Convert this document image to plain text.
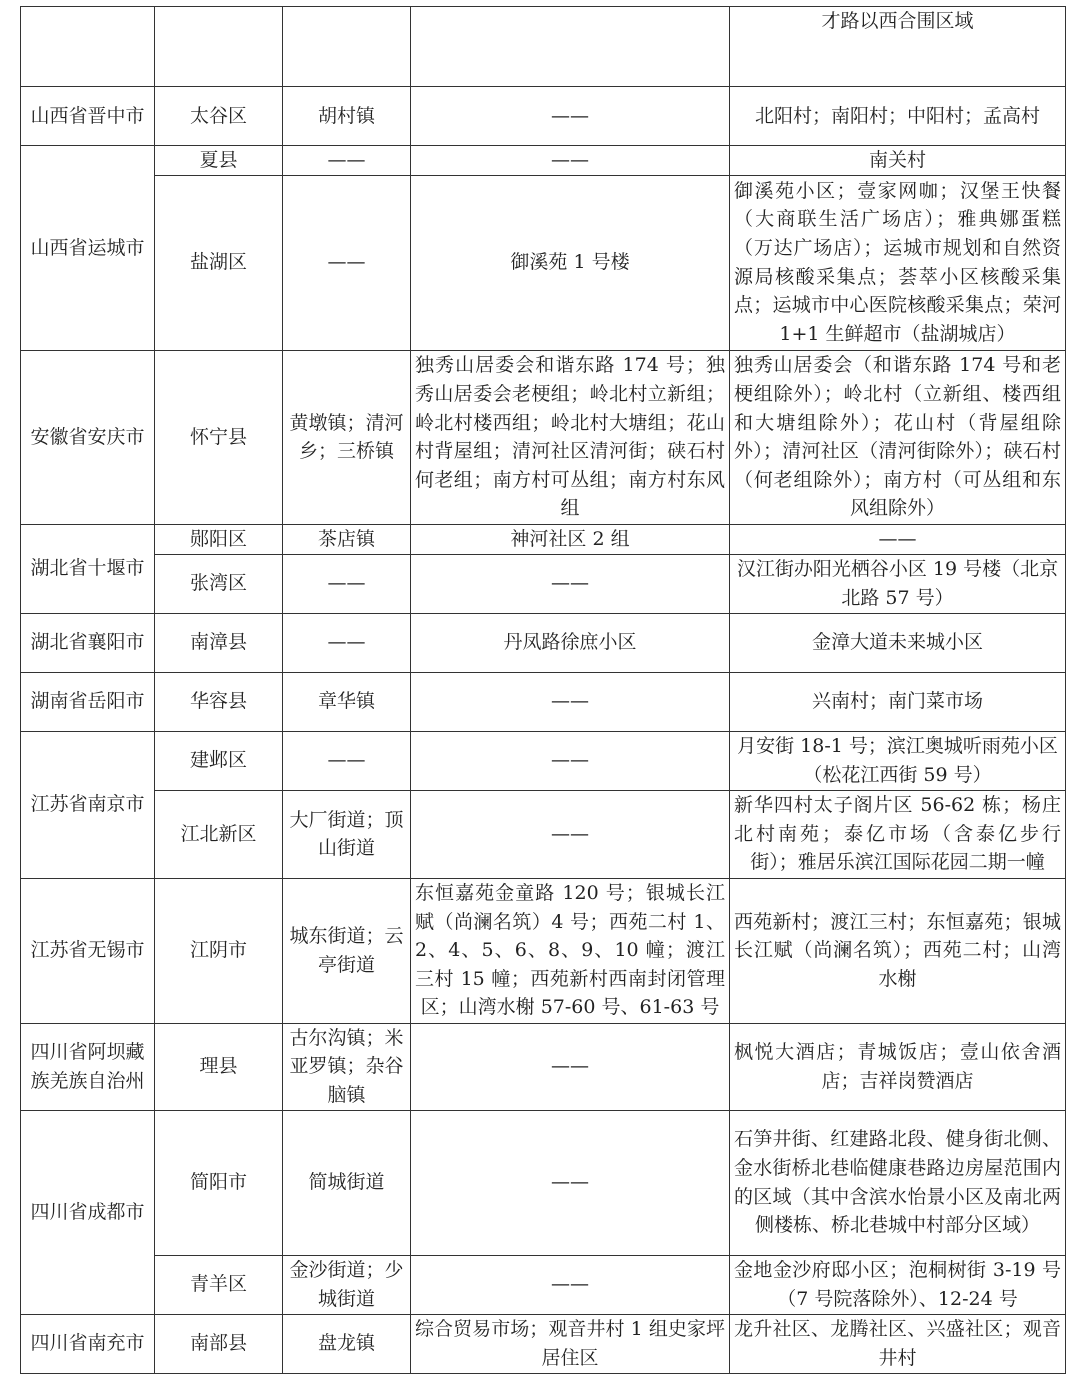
				才路以西合围区域
山西省晋中市	太谷区	胡村镇	——	北阳村；南阳村；中阳村；孟高村
山西省运城市	夏县	——	——	南关村
	盐湖区	——	御溪苑 1 号楼	御溪苑小区；壹家网咖；汉堡王快餐（大商联生活广场店）；雅典娜蛋糕（万达广场店）；运城市规划和自然资源局核酸采集点；荟萃小区核酸采集点；运城市中心医院核酸采集点；荣河 1+1 生鲜超市（盐湖城店）
安徽省安庆市	怀宁县	黄墩镇；清河乡；三桥镇	独秀山居委会和谐东路 174 号；独秀山居委会老梗组；岭北村立新组；岭北村楼西组；岭北村大塘组；花山村背屋组；清河社区清河街；硖石村何老组；南方村可丛组；南方村东风组	独秀山居委会（和谐东路 174 号和老梗组除外）；岭北村（立新组、楼西组和大塘组除外）；花山村（背屋组除外）；清河社区（清河街除外）；硖石村（何老组除外）；南方村（可丛组和东风组除外）
湖北省十堰市	郧阳区	茶店镇	神河社区 2 组	——
	张湾区	——	——	汉江街办阳光栖谷小区 19 号楼（北京北路 57 号）
湖北省襄阳市	南漳县	——	丹凤路徐庶小区	金漳大道未来城小区
湖南省岳阳市	华容县	章华镇	——	兴南村；南门菜市场
江苏省南京市	建邺区	——	——	月安街 18-1 号；滨江奥城听雨苑小区（松花江西街 59 号）
	江北新区	大厂街道；顶山街道	——	新华四村太子阁片区 56-62 栋；杨庄北村南苑；泰亿市场（含泰亿步行街）；雅居乐滨江国际花园二期一幢
江苏省无锡市	江阴市	城东街道；云亭街道	东恒嘉苑金童路 120 号；银城长江赋（尚澜名筑）4 号；西苑二村 1、2、4、5、6、8、9、10 幢；渡江三村 15 幢；西苑新村西南封闭管理区；山湾水榭 57-60 号、61-63 号	西苑新村；渡江三村；东恒嘉苑；银城长江赋（尚澜名筑）；西苑二村；山湾水榭
四川省阿坝藏族羌族自治州	理县	古尔沟镇；米亚罗镇；杂谷脑镇	——	枫悦大酒店；青城饭店；壹山依舍酒店；吉祥岗赞酒店
四川省成都市	简阳市	简城街道	——	石笋井街、红建路北段、健身街北侧、金水街桥北巷临健康巷路边房屋范围内的区域（其中含滨水怡景小区及南北两侧楼栋、桥北巷城中村部分区域）
	青羊区	金沙街道；少城街道	——	金地金沙府邸小区；泡桐树街 3-19 号（7 号院落除外）、12-24 号
四川省南充市	南部县	盘龙镇	综合贸易市场；观音井村 1 组史家坪居住区	龙升社区、龙腾社区、兴盛社区；观音井村
